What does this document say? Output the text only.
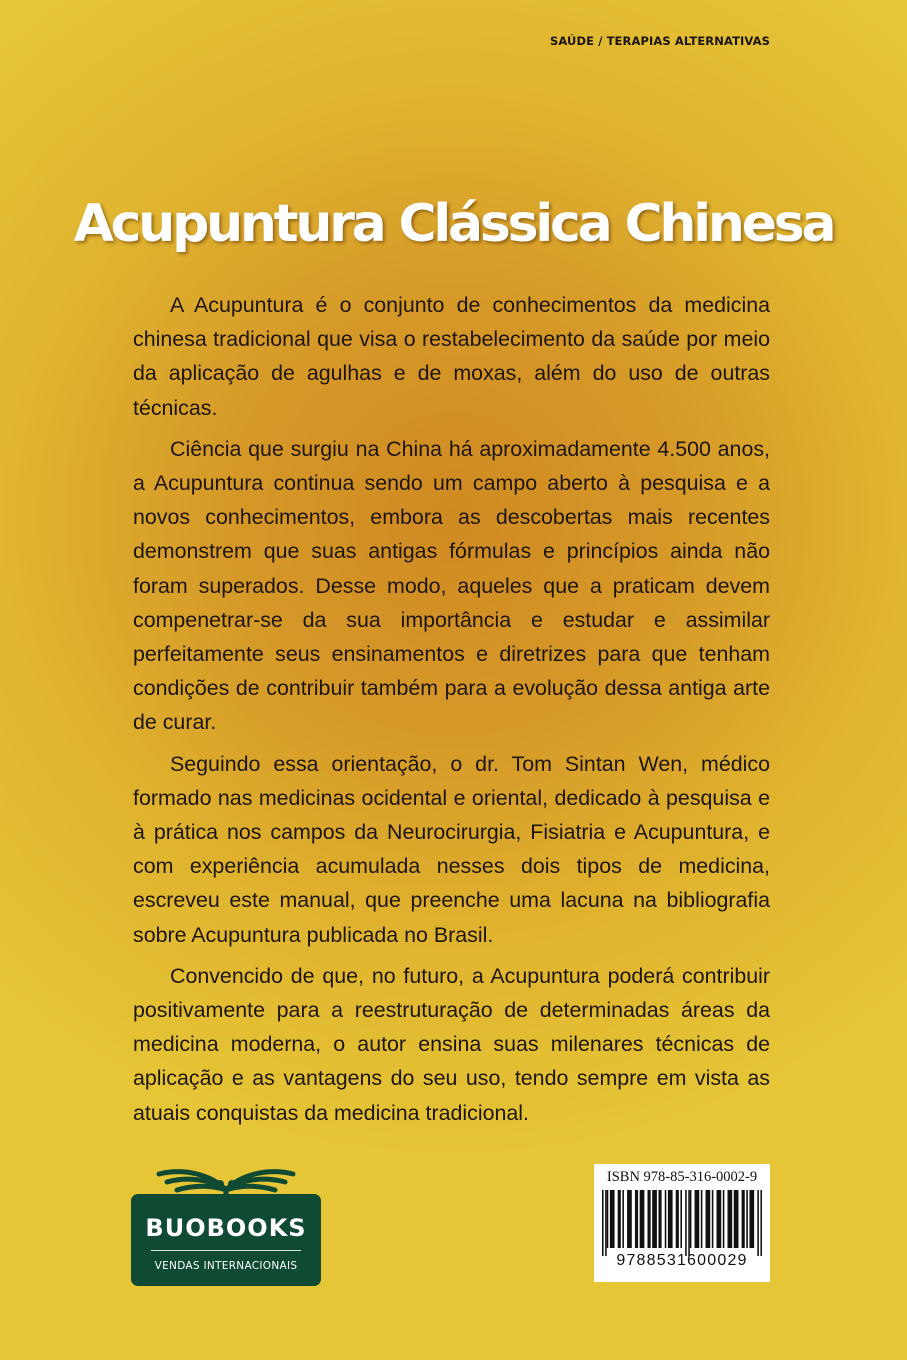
SAÚDE / TERAPIAS ALTERNATIVAS
Acupuntura Clássica Chinesa

A Acupuntura é o conjunto de conhecimentos da medicina chinesa tradicional que visa o restabelecimento da saúde por meio da aplicação de agulhas e de moxas, além do uso de outras técnicas.

Ciência que surgiu na China há aproximadamente 4.500 anos, a Acupuntura continua sendo um campo aberto à pesquisa e a novos conhecimentos, embora as descobertas mais recentes demonstrem que suas antigas fórmulas e princípios ainda não foram superados. Desse modo, aqueles que a praticam devem compenetrar-se da sua importância e estudar e assimilar perfeitamente seus ensinamentos e diretrizes para que tenham condições de contribuir também para a evolução dessa antiga arte de curar.

Seguindo essa orientação, o dr. Tom Sintan Wen, médico formado nas medicinas ocidental e oriental, dedicado à pesquisa e à prática nos campos da Neurocirurgia, Fisiatria e Acupuntura, e com experiência acumulada nesses dois tipos de medicina, escreveu este manual, que preenche uma lacuna na bibliografia sobre Acupuntura publicada no Brasil.

Convencido de que, no futuro, a Acupuntura poderá contribuir positivamente para a reestruturação de determinadas áreas da medicina moderna, o autor ensina suas milenares técnicas de aplicação e as vantagens do seu uso, tendo sempre em vista as atuais conquistas da medicina tradicional.

BUOBOOKS
VENDAS INTERNACIONAIS
ISBN 978-85-316-0002-9
9788531600029
